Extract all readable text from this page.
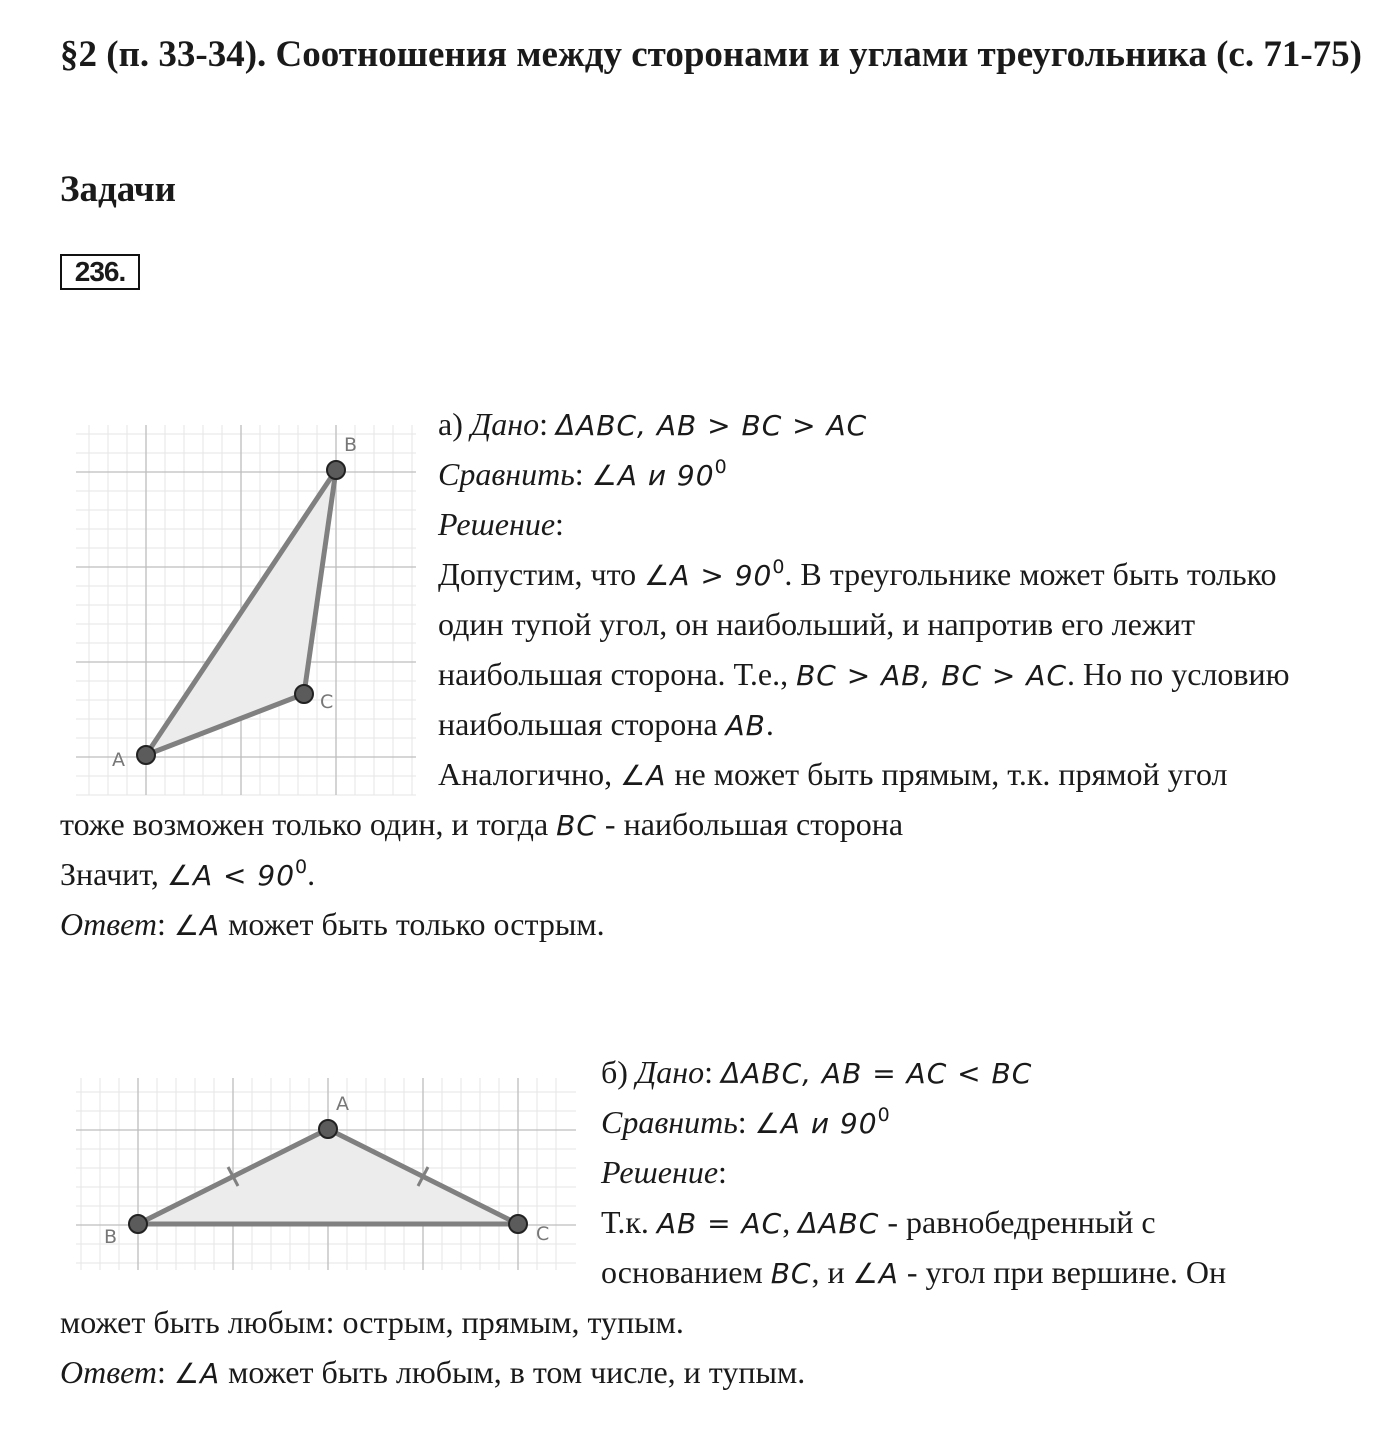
§2 (п. 33-34). Соотношения между сторонами и углами треугольника (с. 71-75)
Задачи
236.
A
B
C
а) Дано: ΔABC, AB > BC > AC
Сравнить: ∠A и $90^0$
Решение:
Допустим, что ∠A > $90^0$. В треугольнике может быть только
один тупой угол, он наибольший, и напротив его лежит
наибольшая сторона. Т.е., BC > AB, BC > AC. Но по условию
наибольшая сторона AB.
Аналогично, ∠A не может быть прямым, т.к. прямой угол
тоже возможен только один, и тогда BC - наибольшая сторона
Значит, ∠A < $90^0$.
Ответ: ∠A может быть только острым.
A
B	C
б) Дано: ΔABC, AB = AC < BC
Сравнить: ∠A и $90^0$
Решение:
Т.к. AB = AC, ΔABC - равнобедренный с
основанием BC, и ∠A - угол при вершине. Он
может быть любым: острым, прямым, тупым.
Ответ: ∠A может быть любым, в том числе, и тупым.
